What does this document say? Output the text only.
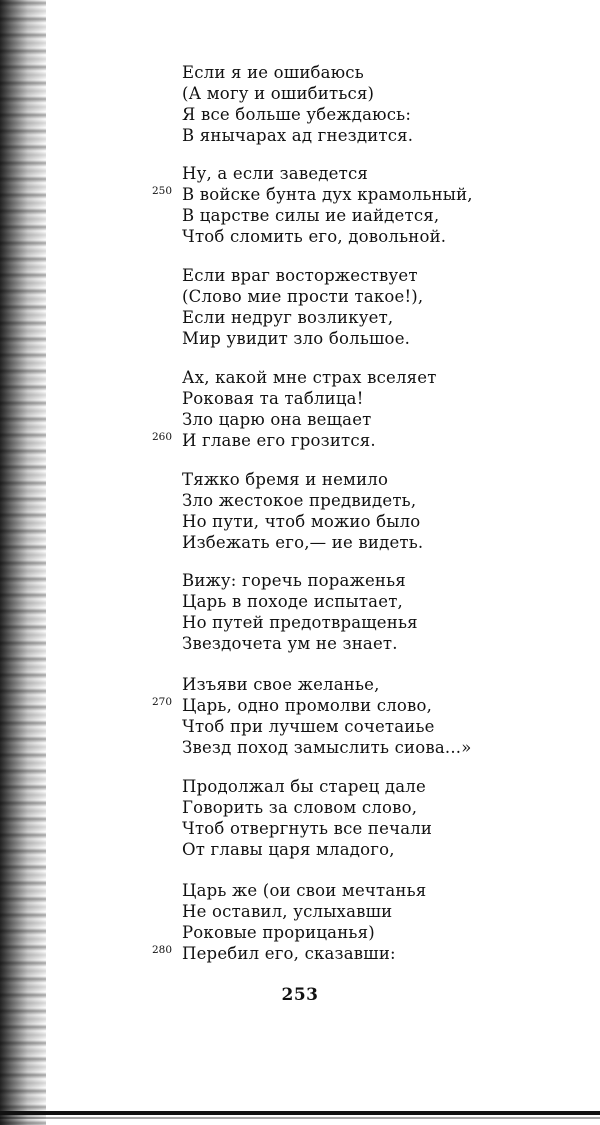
Если я ие ошибаюсь
(А могу и ошибиться)
Я все больше убеждаюсь:
В янычарах ад гнездится.
Ну, а если заведется
250 В войске бунта дух крамольный,
В царстве силы ие иайдется,
Чтоб сломить его, довольной.
Если враг восторжествует
(Слово мие прости такое!),
Если недруг возликует,
Мир увидит зло большое.
Ах, какой мне страх вселяет
Роковая та таблица!
Зло царю она вещает
260 И главе его грозится.
Тяжко бремя и немило
Зло жестокое предвидеть,
Но пути, чтоб можио было
Избежать его,— ие видеть.
Вижу: горечь пораженья
Царь в походе испытает,
Но путей предотвращенья
Звездочета ум не знает.
Изъяви свое желанье,
270 Царь, одно промолви слово,
Чтоб при лучшем сочетаиье
Звезд поход замыслить сиова...»
Продолжал бы старец дале
Говорить за словом слово,
Чтоб отвергнуть все печали
От главы царя младого,
Царь же (ои свои мечтанья
Не оставил, услыхавши
Роковые прорицанья)
280 Перебил его, сказавши:
253
